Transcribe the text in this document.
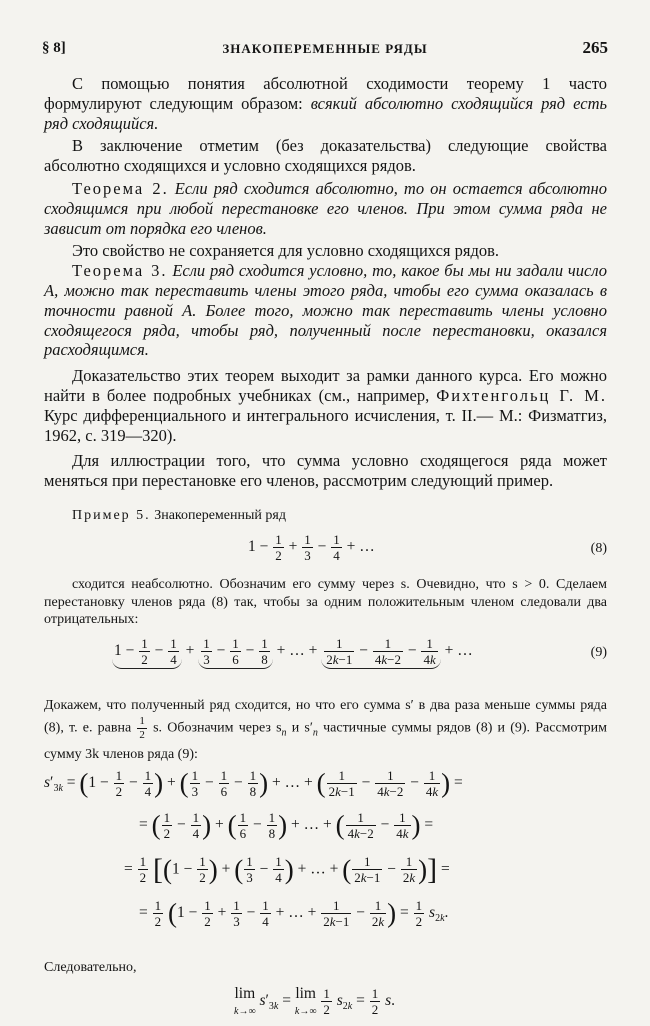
§ 8]	ЗНАКОПЕРЕМЕННЫЕ РЯДЫ	265

С помощью понятия абсолютной сходимости теорему 1 часто формулируют следующим образом: всякий абсолютно сходящийся ряд есть ряд сходящийся.

В заключение отметим (без доказательства) следующие свойства абсолютно сходящихся и условно сходящихся рядов.

Теорема 2. Если ряд сходится абсолютно, то он остается абсолютно сходящимся при любой перестановке его членов. При этом сумма ряда не зависит от порядка его членов.

Это свойство не сохраняется для условно сходящихся рядов.

Теорема 3. Если ряд сходится условно, то, какое бы мы ни задали число A, можно так переставить члены этого ряда, чтобы его сумма оказалась в точности равной A. Более того, можно так переставить члены условно сходящегося ряда, чтобы ряд, полученный после перестановки, оказался расходящимся.

Доказательство этих теорем выходит за рамки данного курса. Его можно найти в более подробных учебниках (см., например, Фихтенгольц Г. М. Курс дифференциального и интегрального исчисления, т. II.— М.: Физматгиз, 1962, с. 319—320).

Для иллюстрации того, что сумма условно сходящегося ряда может меняться при перестановке его членов, рассмотрим следующий пример.

Пример 5. Знакопеременный ряд

$1 - \frac{1}{2} + \frac{1}{3} - \frac{1}{4}$ + …	(8)

сходится неабсолютно. Обозначим его сумму через s. Очевидно, что s > 0. Сделаем перестановку членов ряда (8) так, чтобы за одним положительным членом следовали два отрицательных:

$1 - \frac{1}{2} - \frac{1}{4} + \frac{1}{3} - \frac{1}{6} - \frac{1}{8}$ + … + $\frac{1}{2k-1} - \frac{1}{4k-2} - \frac{1}{4k}$ + …	(9)

Докажем, что полученный ряд сходится, но что его сумма s′ в два раза меньше суммы ряда (8), т. е. равна $\frac{1}{2} s$. Обозначим через $s_n$ и $s'_n$ частичные суммы рядов (8) и (9). Рассмотрим сумму 3k членов ряда (9):

$s'_{3k} = (1 - \frac{1}{2} - \frac{1}{4}$ ) + ( $\frac{1}{3} - \frac{1}{6} - \frac{1}{8}$ ) + … + ( $\frac{1}{2k-1} - \frac{1}{4k-2} - \frac{1}{4k}$ ) =
= ( $\frac{1}{2} - \frac{1}{4}$ ) + ( $\frac{1}{6} - \frac{1}{8}$ ) + … + ( $\frac{1}{4k-2} - \frac{1}{4k}$ ) =
= $\frac{1}{2} [(1 - \frac{1}{2}$ ) + ( $\frac{1}{3} - \frac{1}{4}$ ) + … + ( $\frac{1}{2k-1} - \frac{1}{2k}$ )] =
= $\frac{1}{2} (1 - \frac{1}{2} + \frac{1}{3} - \frac{1}{4}$ + … + $\frac{1}{2k-1} - \frac{1}{2k}$ ) = $\frac{1}{2} s_{2k}$.

Следовательно,

lim
k→∞ $s'_{3k} = \lim$
$k\to\infty \frac{1}{2} s_{2k} = \frac{1}{2} s$.
